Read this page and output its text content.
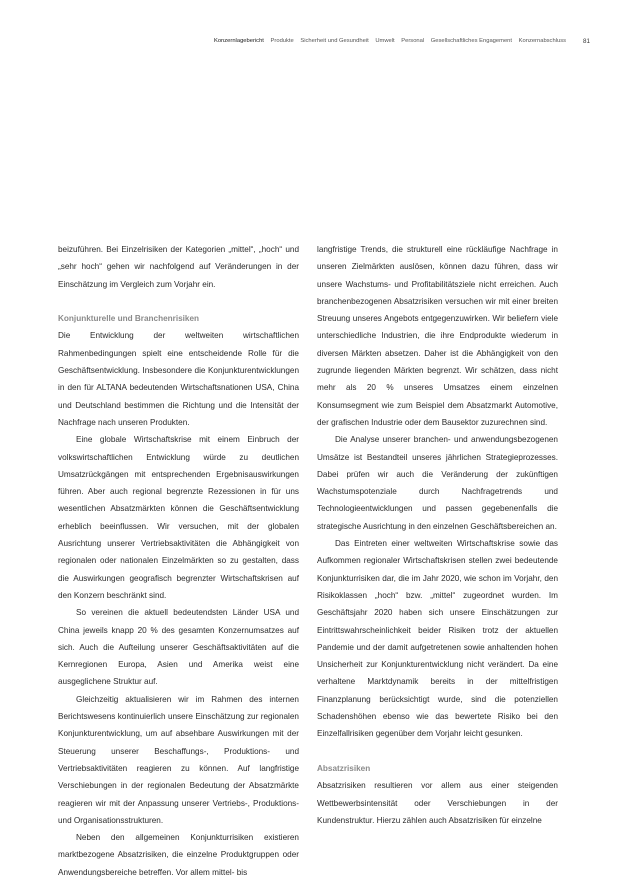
Konzernlagebericht Produkte Sicherheit und Gesundheit Umwelt Personal Gesellschaftliches Engagement Konzernabschluss	81

beizuführen. Bei Einzelrisiken der Kategorien „mittel“, „hoch“ und „sehr hoch“ gehen wir nachfolgend auf Veränderungen in der Einschätzung im Vergleich zum Vorjahr ein.

Konjunkturelle und Branchenrisiken

Die Entwicklung der weltweiten wirtschaftlichen Rahmenbedingungen spielt eine entscheidende Rolle für die Geschäftsentwicklung. Insbesondere die Konjunkturentwicklungen in den für ALTANA bedeutenden Wirtschaftsnationen USA, China und Deutschland bestimmen die Richtung und die Intensität der Nachfrage nach unseren Produkten.

Eine globale Wirtschaftskrise mit einem Einbruch der volkswirtschaftlichen Entwicklung würde zu deutlichen Umsatzrückgängen mit entsprechenden Ergebnisauswirkungen führen. Aber auch regional begrenzte Rezessionen in für uns wesentlichen Absatzmärkten können die Geschäftsentwicklung erheblich beeinflussen. Wir versuchen, mit der globalen Ausrichtung unserer Vertriebsaktivitäten die Abhängigkeit von regionalen oder nationalen Einzelmärkten so zu gestalten, dass die Auswirkungen geografisch begrenzter Wirtschaftskrisen auf den Konzern beschränkt sind.

So vereinen die aktuell bedeutendsten Länder USA und China jeweils knapp 20 % des gesamten Konzernumsatzes auf sich. Auch die Aufteilung unserer Geschäftsaktivitäten auf die Kernregionen Europa, Asien und Amerika weist eine ausgeglichene Struktur auf.

Gleichzeitig aktualisieren wir im Rahmen des internen Berichtswesens kontinuierlich unsere Einschätzung zur regionalen Konjunkturentwicklung, um auf absehbare Auswirkungen mit der Steuerung unserer Beschaffungs-, Produktions- und Vertriebsaktivitäten reagieren zu können. Auf langfristige Verschiebungen in der regionalen Bedeutung der Absatzmärkte reagieren wir mit der Anpassung unserer Vertriebs-, Produktions- und Organisationsstrukturen.

Neben den allgemeinen Konjunkturrisiken existieren marktbezogene Absatzrisiken, die einzelne Produktgruppen oder Anwendungsbereiche betreffen. Vor allem mittel- bis

langfristige Trends, die strukturell eine rückläufige Nachfrage in unseren Zielmärkten auslösen, können dazu führen, dass wir unsere Wachstums- und Profitabilitätsziele nicht erreichen. Auch branchenbezogenen Absatzrisiken versuchen wir mit einer breiten Streuung unseres Angebots entgegenzuwirken. Wir beliefern viele unterschiedliche Industrien, die ihre Endprodukte wiederum in diversen Märkten absetzen. Daher ist die Abhängigkeit von den zugrunde liegenden Märkten begrenzt. Wir schätzen, dass nicht mehr als 20 % unseres Umsatzes einem einzelnen Konsumsegment wie zum Beispiel dem Absatzmarkt Automotive, der grafischen Industrie oder dem Bausektor zuzurechnen sind.

Die Analyse unserer branchen- und anwendungsbezogenen Umsätze ist Bestandteil unseres jährlichen Strategieprozesses. Dabei prüfen wir auch die Veränderung der zukünftigen Wachstumspotenziale durch Nachfragetrends und Technologieentwicklungen und passen gegebenenfalls die strategische Ausrichtung in den einzelnen Geschäftsbereichen an.

Das Eintreten einer weltweiten Wirtschaftskrise sowie das Aufkommen regionaler Wirtschaftskrisen stellen zwei bedeutende Konjunkturrisiken dar, die im Jahr 2020, wie schon im Vorjahr, den Risikoklassen „hoch“ bzw. „mittel“ zugeordnet wurden. Im Geschäftsjahr 2020 haben sich unsere Einschätzungen zur Eintrittswahrscheinlichkeit beider Risiken trotz der aktuellen Pandemie und der damit aufgetretenen sowie anhaltenden hohen Unsicherheit zur Konjunkturentwicklung nicht verändert. Da eine verhaltene Marktdynamik bereits in der mittelfristigen Finanzplanung berücksichtigt wurde, sind die potenziellen Schadenshöhen ebenso wie das bewertete Risiko bei den Einzelfallrisiken gegenüber dem Vorjahr leicht gesunken.

Absatzrisiken

Absatzrisiken resultieren vor allem aus einer steigenden Wettbewerbsintensität oder Verschiebungen in der Kundenstruktur. Hierzu zählen auch Absatzrisiken für einzelne
